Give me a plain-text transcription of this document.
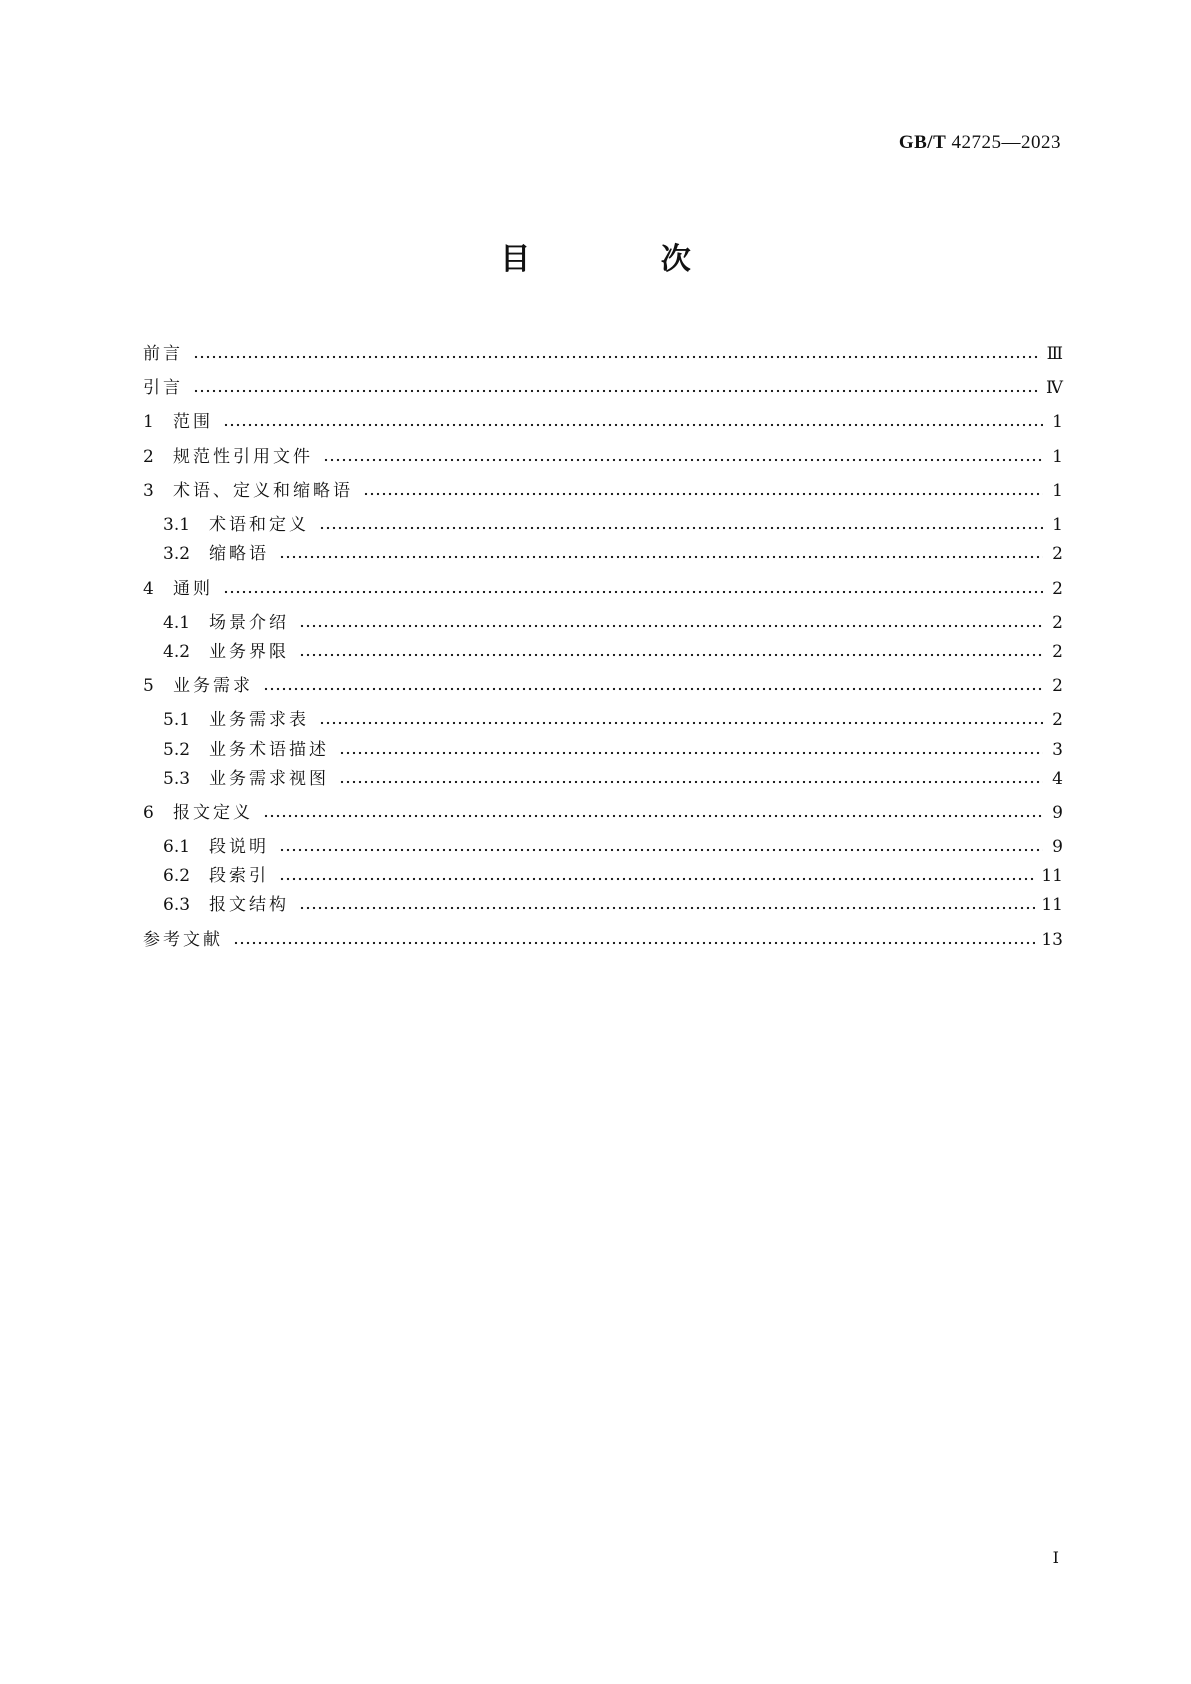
GB/T 42725—2023
目 次
前言	Ⅲ
引言	Ⅳ
1	范围	1
2	规范性引用文件	1
3	术语、定义和缩略语	1
3.1	术语和定义	1
3.2	缩略语	2
4	通则	2
4.1	场景介绍	2
4.2	业务界限	2
5	业务需求	2
5.1	业务需求表	2
5.2	业务术语描述	3
5.3	业务需求视图	4
6	报文定义	9
6.1	段说明	9
6.2	段索引	11
6.3	报文结构	11
参考文献	13
Ⅰ
